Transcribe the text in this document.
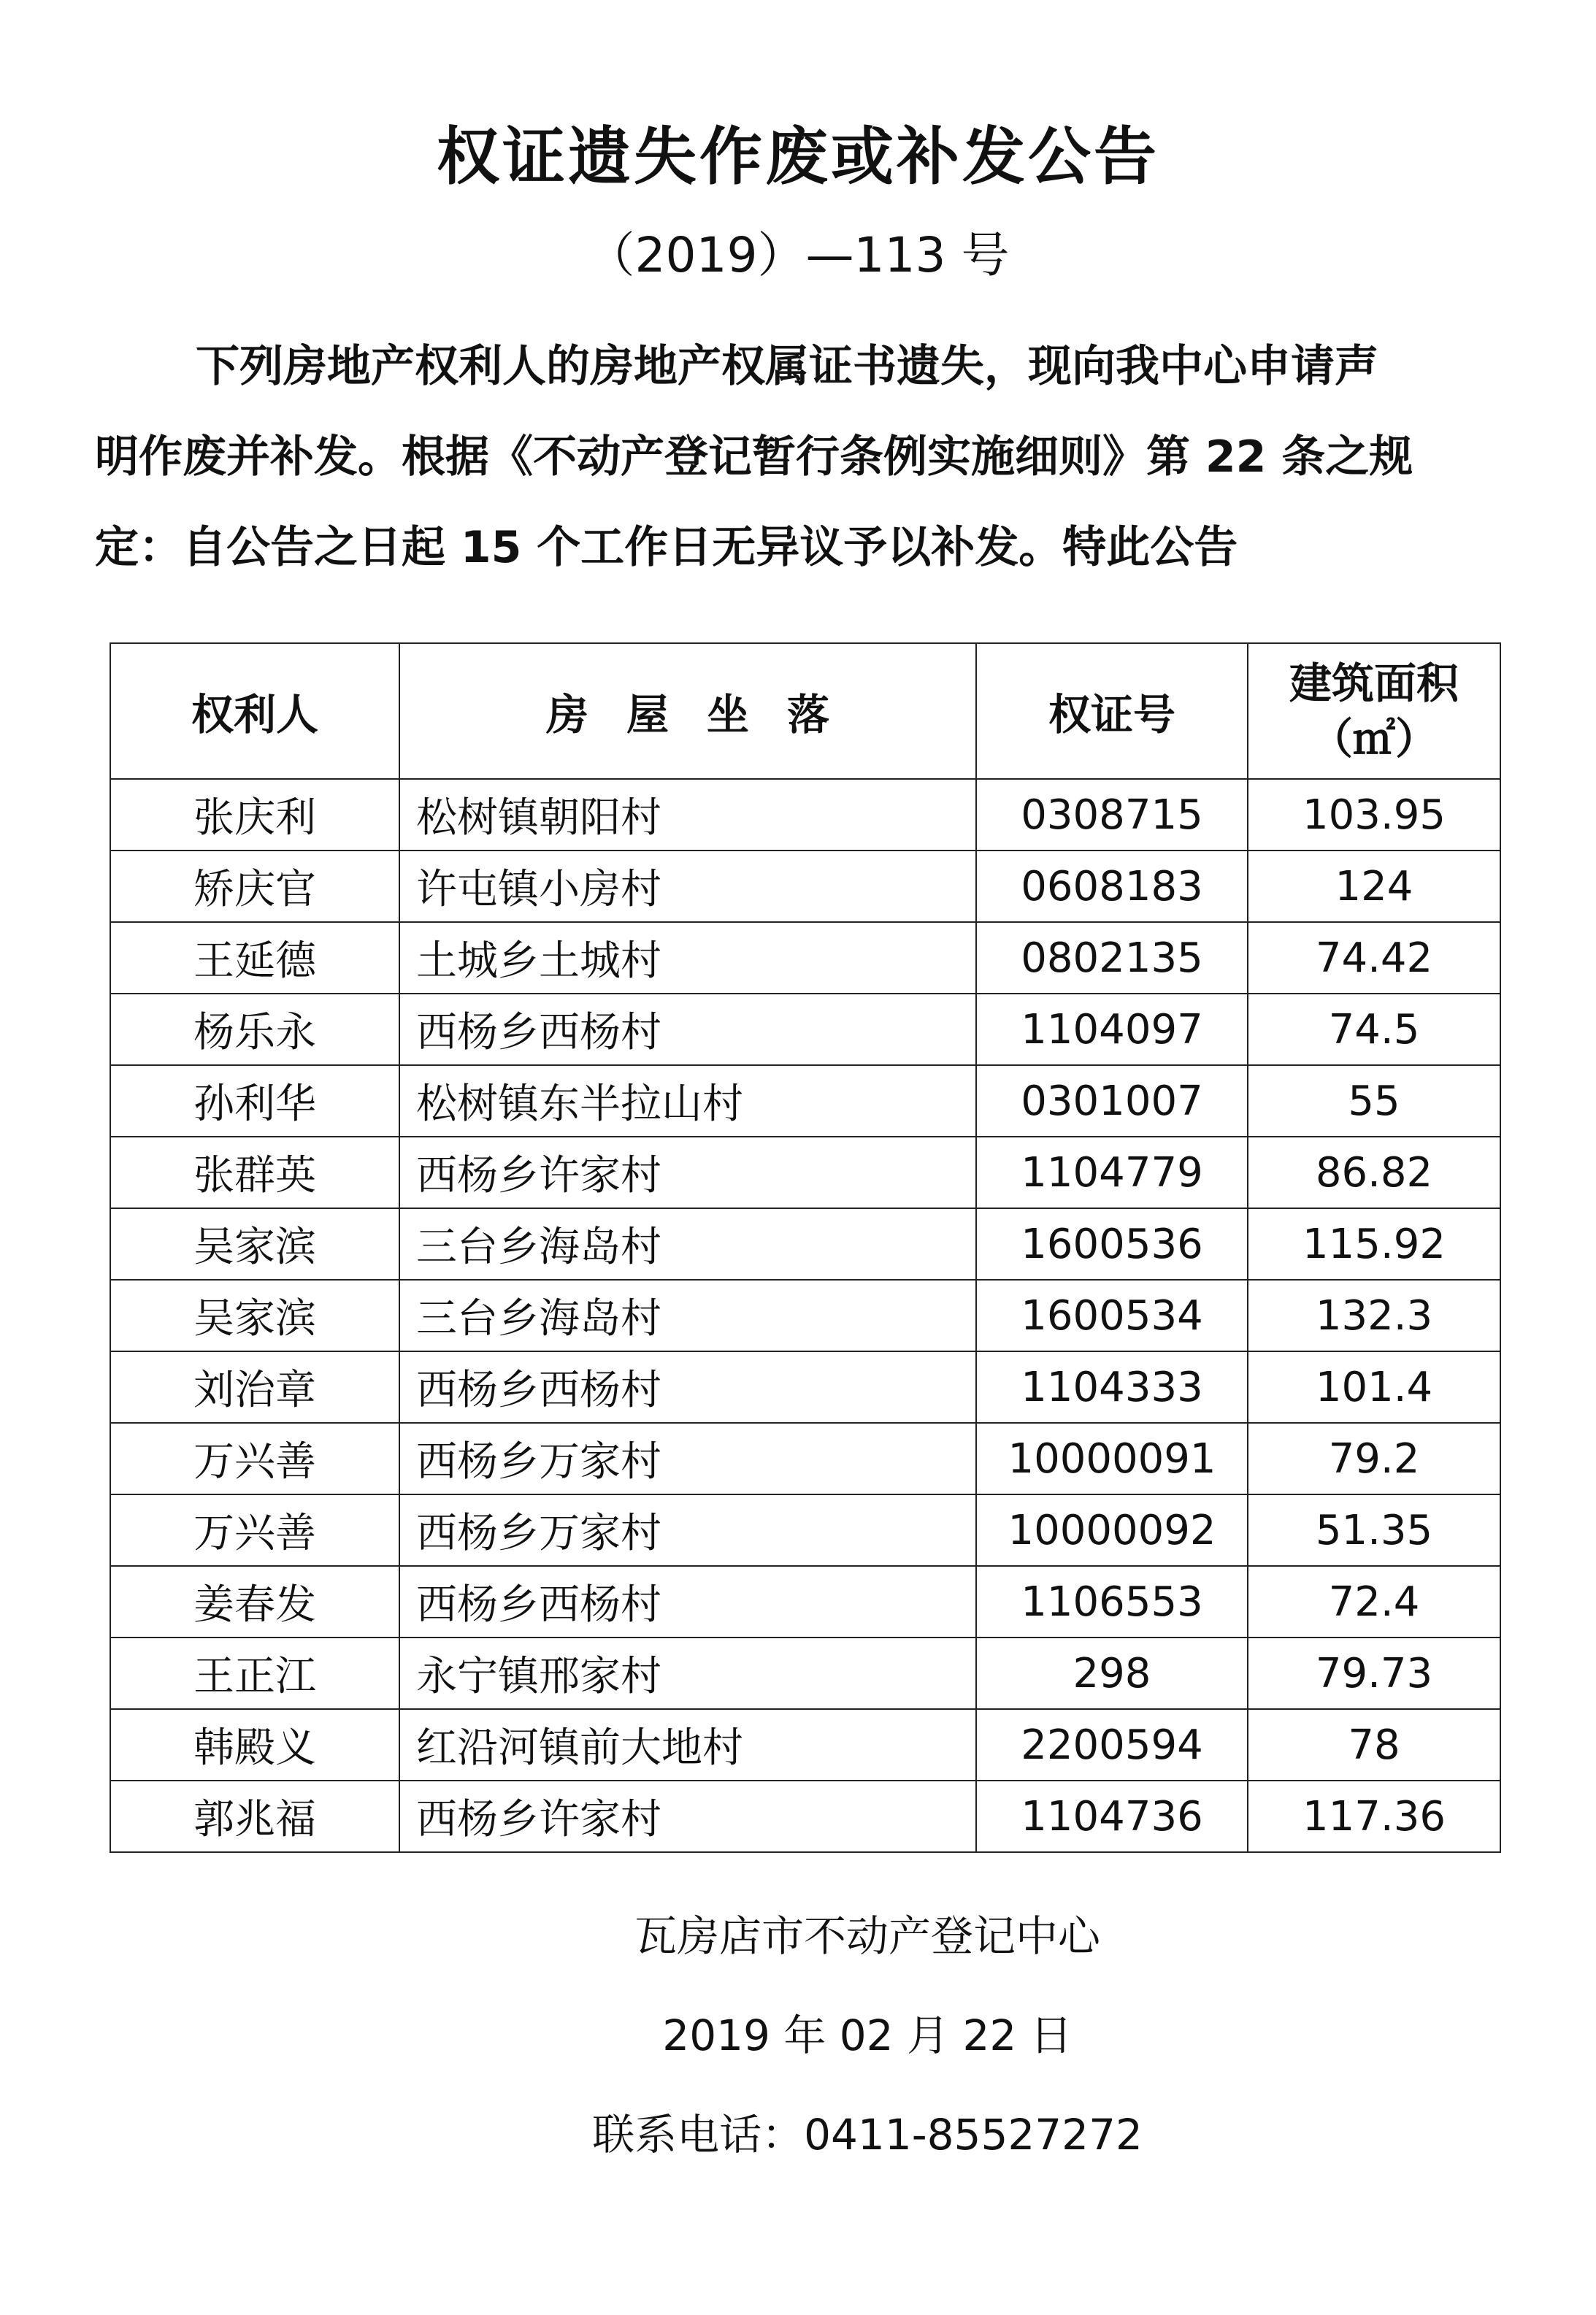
权证遗失作废或补发公告
（2019）—113 号

下列房地产权利人的房地产权属证书遗失，现向我中心申请声
明作废并补发。根据《不动产登记暂行条例实施细则》第 22 条之规
定：自公告之日起 15 个工作日无异议予以补发。特此公告

权利人	房屋坐落	权证号	建筑面积
（㎡）
张庆利	松树镇朝阳村	0308715	103.95
矫庆官	许屯镇小房村	0608183	124
王延德	土城乡土城村	0802135	74.42
杨乐永	西杨乡西杨村	1104097	74.5
孙利华	松树镇东半拉山村	0301007	55
张群英	西杨乡许家村	1104779	86.82
吴家滨	三台乡海岛村	1600536	115.92
吴家滨	三台乡海岛村	1600534	132.3
刘治章	西杨乡西杨村	1104333	101.4
万兴善	西杨乡万家村	10000091	79.2
万兴善	西杨乡万家村	10000092	51.35
姜春发	西杨乡西杨村	1106553	72.4
王正江	永宁镇邢家村	298	79.73
韩殿义	红沿河镇前大地村	2200594	78
郭兆福	西杨乡许家村	1104736	117.36
瓦房店市不动产登记中心
2019 年 02 月 22 日
联系电话：0411-85527272
